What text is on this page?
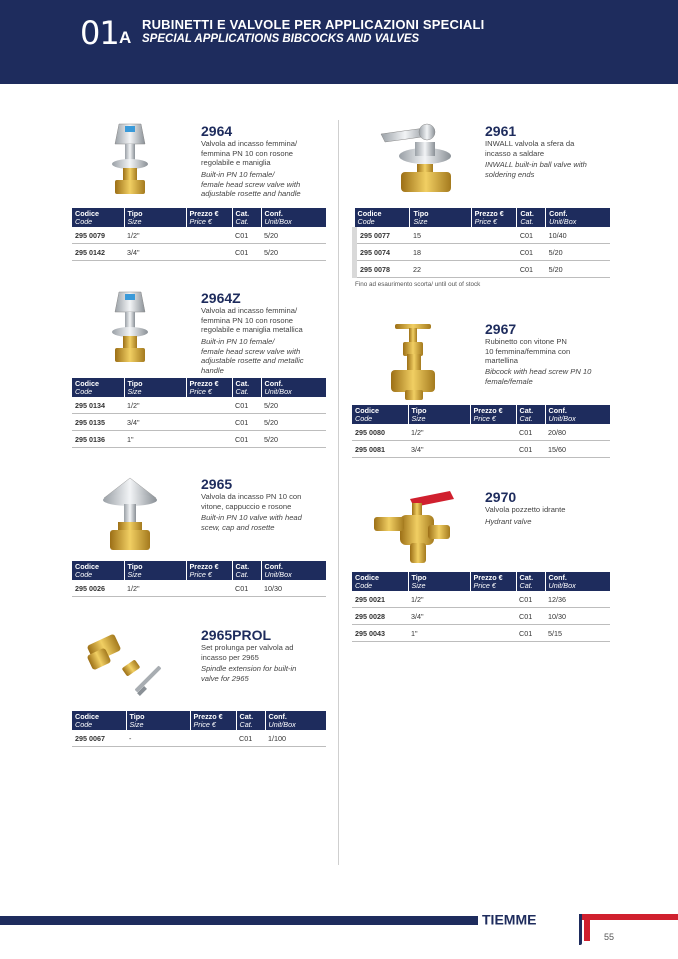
01 A
RUBINETTI E VALVOLE PER APPLICAZIONI SPECIALI
SPECIAL APPLICATIONS BIBCOCKS AND VALVES
2964
Valvola ad incasso femmina/
femmina PN 10 con rosone
regolabile e maniglia
Built-in PN 10 female/
female head screw valve with
adjustable rosette and handle
Codice
Code	Tipo
Size	Prezzo €
Price €	Cat.
Cat.	Conf.
Unit/Box

295 0079	1/2"		C01	5/20
295 0142	3/4"		C01	5/20
2964Z
Valvola ad incasso femmina/
femmina PN 10 con rosone
regolabile e maniglia metallica
Built-in PN 10 female/
female head screw valve with
adjustable rosette and metallic
handle
Codice
Code	Tipo
Size	Prezzo €
Price €	Cat.
Cat.	Conf.
Unit/Box

295 0134	1/2"		C01	5/20
295 0135	3/4"		C01	5/20
295 0136	1"		C01	5/20
2965
Valvola da incasso PN 10 con
vitone, cappuccio e rosone
Built-in PN 10 valve with head
scew, cap and rosette
Codice
Code	Tipo
Size	Prezzo €
Price €	Cat.
Cat.	Conf.
Unit/Box

295 0026	1/2"		C01	10/30
2965PROL
Set prolunga per valvola ad
incasso per 2965
Spindle extension for built-in
valve for 2965
Codice
Code	Tipo
Size	Prezzo €
Price €	Cat.
Cat.	Conf.
Unit/Box

295 0067	-		C01	1/100
2961
INWALL valvola a sfera da
incasso a saldare
INWALL built-in ball valve with
soldering ends
Codice
Code	Tipo
Size	Prezzo €
Price €	Cat.
Cat.	Conf.
Unit/Box

295 0077	15		C01	10/40
295 0074	18		C01	5/20
295 0078	22		C01	5/20
Fino ad esaurimento scorta/ until out of stock
2967
Rubinetto con vitone PN
10 femmina/femmina con
martellina
Bibcock with head screw PN 10
female/female
Codice
Code	Tipo
Size	Prezzo €
Price €	Cat.
Cat.	Conf.
Unit/Box

295 0080	1/2"		C01	20/80
295 0081	3/4"		C01	15/60
2970
Valvola pozzetto idrante
Hydrant valve
Codice
Code	Tipo
Size	Prezzo €
Price €	Cat.
Cat.	Conf.
Unit/Box

295 0021	1/2"		C01	12/36
295 0028	3/4"		C01	10/30
295 0043	1"		C01	5/15
TIEMME
55
